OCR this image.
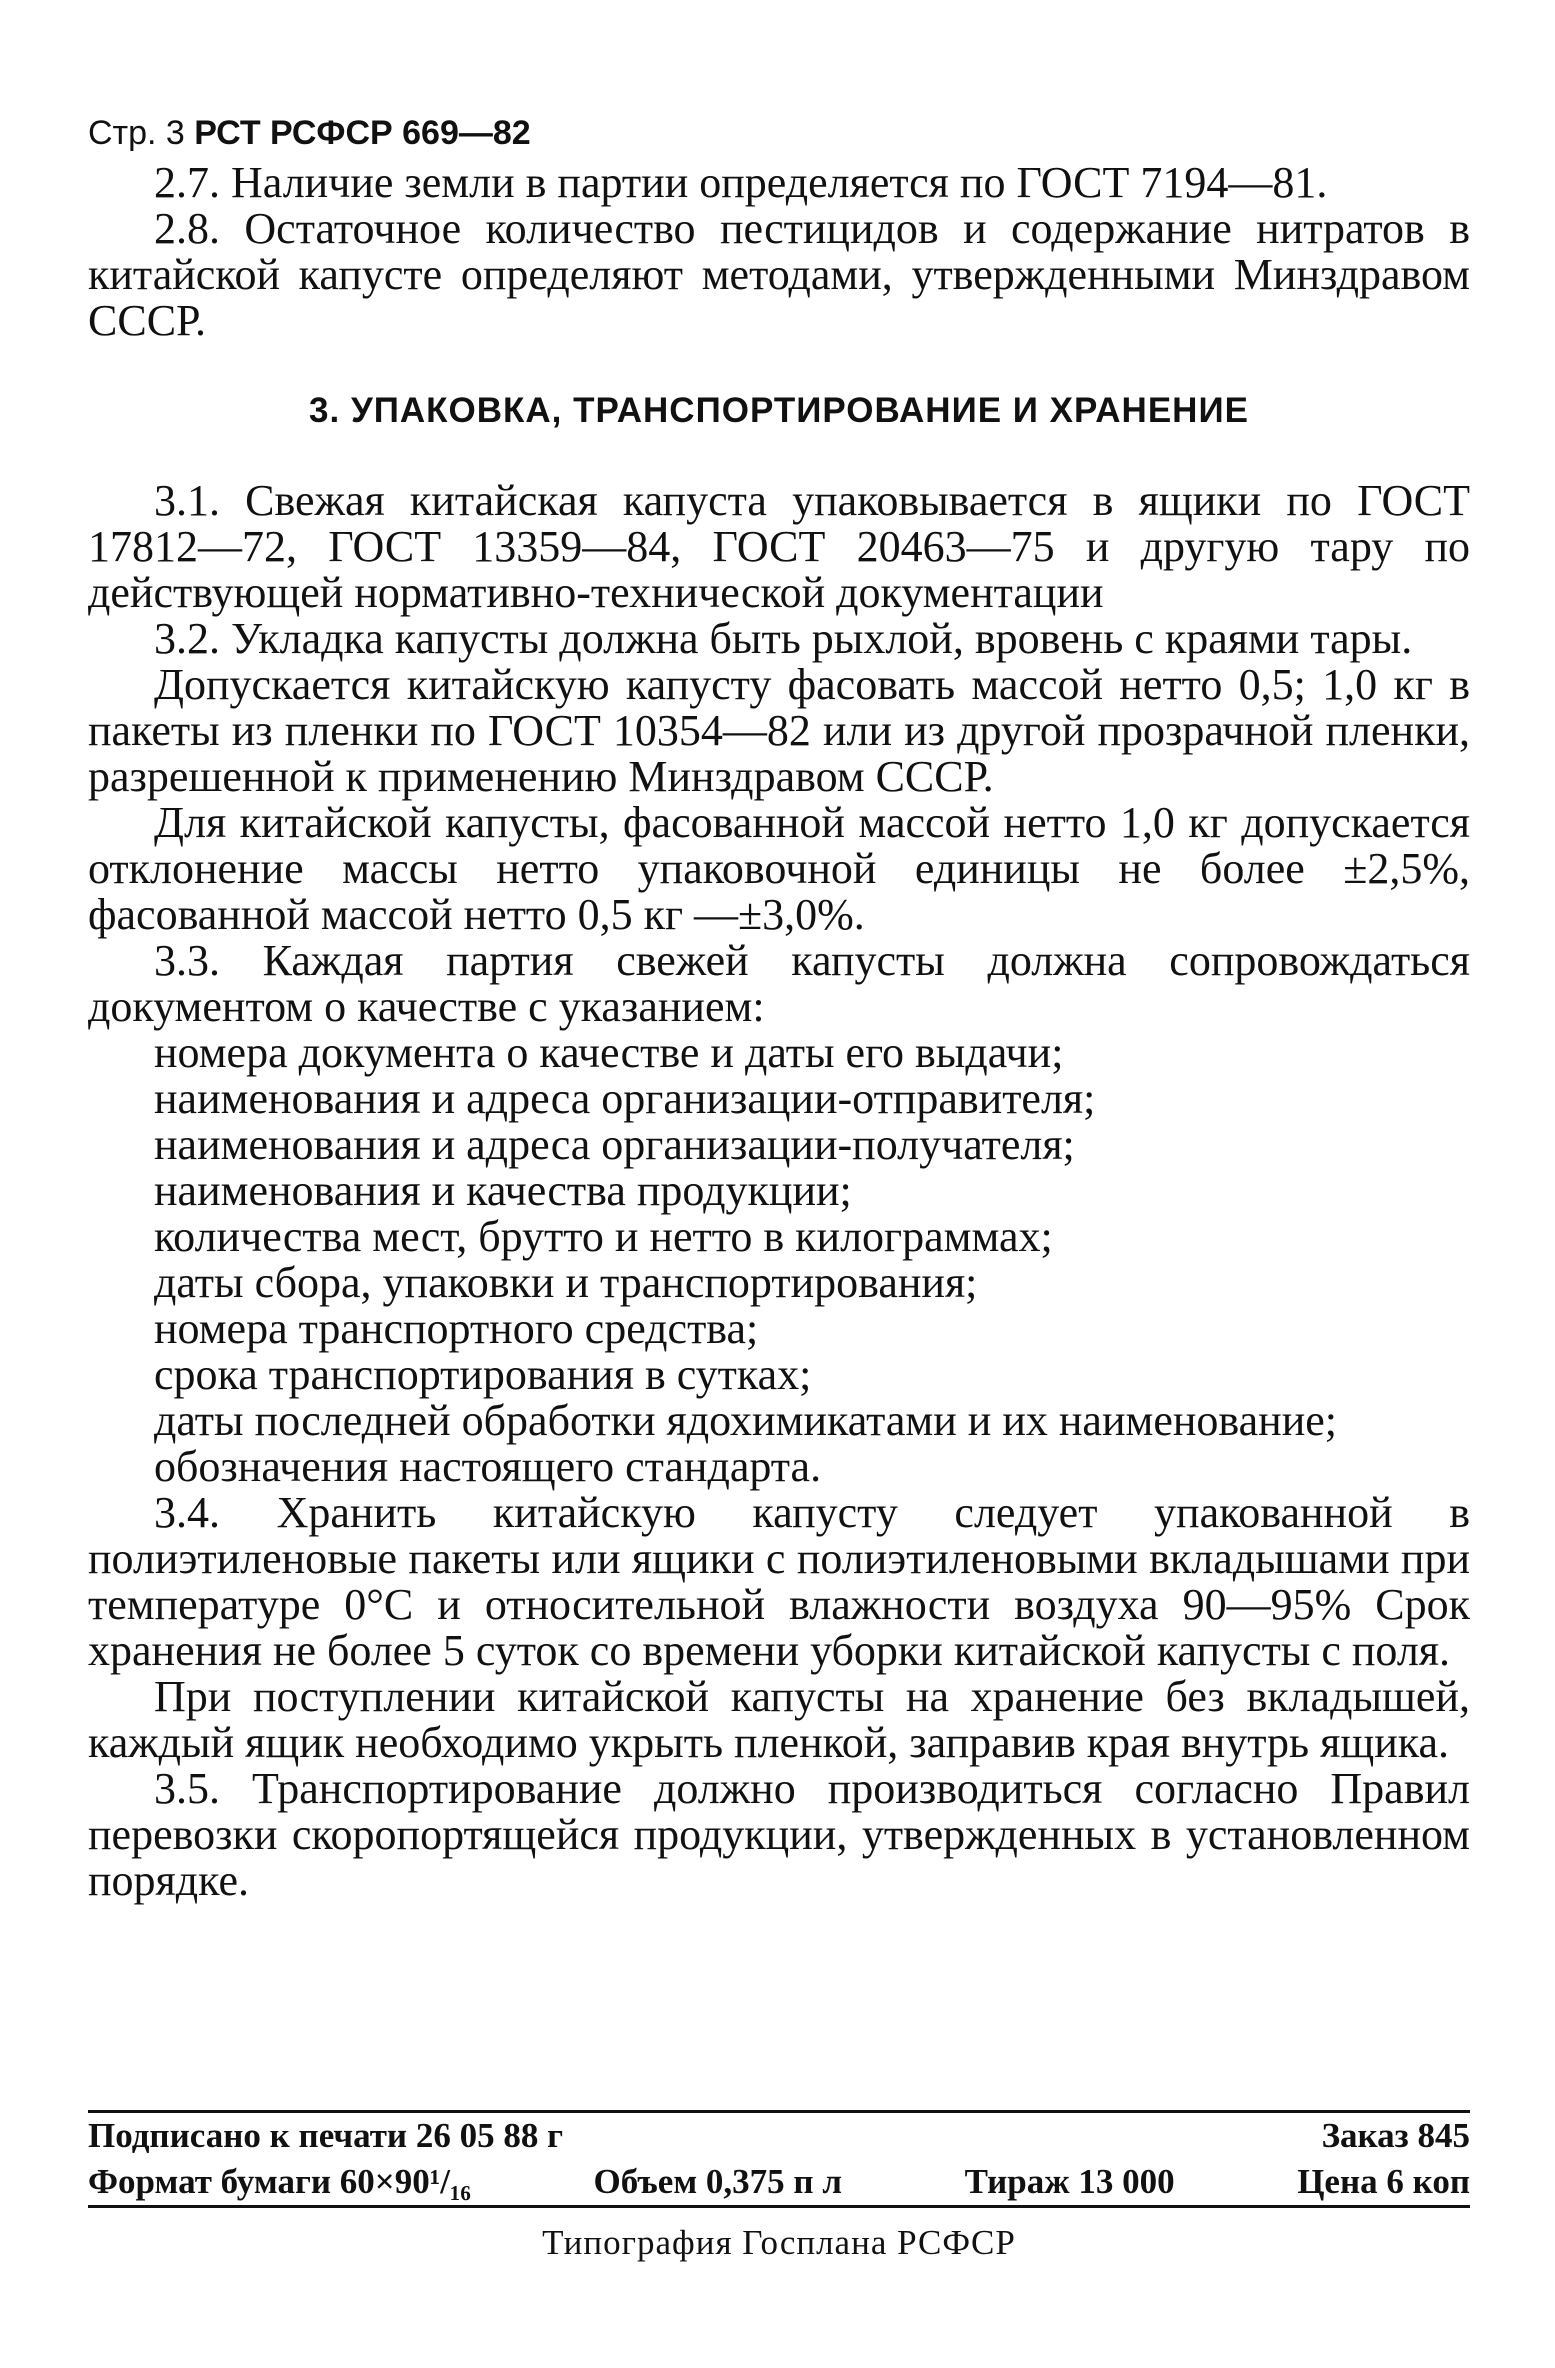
Стр. 3 РСТ РСФСР 669—82

2.7. Наличие земли в партии определяется по ГОСТ 7194—81.

2.8. Остаточное количество пестицидов и содержание нитратов в китайской капусте определяют методами, утвержденными Минздравом СССР.

3. УПАКОВКА, ТРАНСПОРТИРОВАНИЕ И ХРАНЕНИЕ

3.1. Свежая китайская капуста упаковывается в ящики по ГОСТ 17812—72, ГОСТ 13359—84, ГОСТ 20463—75 и другую тару по действующей нормативно-технической документации

3.2. Укладка капусты должна быть рыхлой, вровень с краями тары.

Допускается китайскую капусту фасовать массой нетто 0,5; 1,0 кг в пакеты из пленки по ГОСТ 10354—82 или из другой прозрачной пленки, разрешенной к применению Минздравом СССР.

Для китайской капусты, фасованной массой нетто 1,0 кг допускается отклонение массы нетто упаковочной единицы не более ±2,5%, фасованной массой нетто 0,5 кг —±3,0%.

3.3. Каждая партия свежей капусты должна сопровождаться документом о качестве с указанием:

номера документа о качестве и даты его выдачи;

наименования и адреса организации-отправителя;

наименования и адреса организации-получателя;

наименования и качества продукции;

количества мест, брутто и нетто в килограммах;

даты сбора, упаковки и транспортирования;

номера транспортного средства;

срока транспортирования в сутках;

даты последней обработки ядохимикатами и их наименование;

обозначения настоящего стандарта.

3.4. Хранить китайскую капусту следует упакованной в полиэтиленовые пакеты или ящики с полиэтиленовыми вкладышами при температуре 0°С и относительной влажности воздуха 90—95% Срок хранения не более 5 суток со времени уборки китайской капусты с поля.

При поступлении китайской капусты на хранение без вкладышей, каждый ящик необходимо укрыть пленкой, заправив края внутрь ящика.

3.5. Транспортирование должно производиться согласно Правил перевозки скоропортящейся продукции, утвержденных в установленном порядке.

Подписано к печати 26 05 88 г	Заказ 845
Формат бумаги 60×90¹/₁₆	Объем 0,375 п л	Тираж 13 000	Цена 6 коп
Типография Госплана РСФСР
